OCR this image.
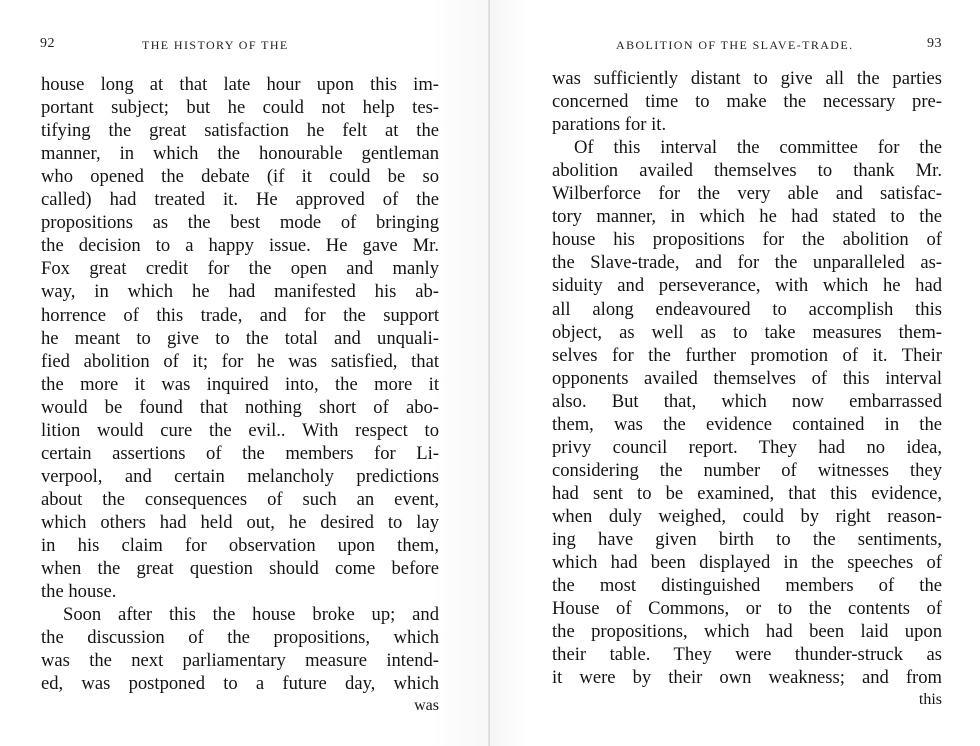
92	THE HISTORY OF THE
house long at that late hour upon this im-
portant subject; but he could not help tes-
tifying the great satisfaction he felt at the
manner, in which the honourable gentleman
who opened the debate (if it could be so
called) had treated it. He approved of the
propositions as the best mode of bringing
the decision to a happy issue. He gave Mr.
Fox great credit for the open and manly
way, in which he had manifested his ab-
horrence of this trade, and for the support
he meant to give to the total and unquali-
fied abolition of it; for he was satisfied, that
the more it was inquired into, the more it
would be found that nothing short of abo-
lition would cure the evil.. With respect to
certain assertions of the members for Li-
verpool, and certain melancholy predictions
about the consequences of such an event,
which others had held out, he desired to lay
in his claim for observation upon them,
when the great question should come before
the house.
Soon after this the house broke up; and
the discussion of the propositions, which
was the next parliamentary measure intend-
ed, was postponed to a future day, which
was
ABOLITION OF THE SLAVE-TRADE.	93
was sufficiently distant to give all the parties
concerned time to make the necessary pre-
parations for it.
Of this interval the committee for the
abolition availed themselves to thank Mr.
Wilberforce for the very able and satisfac-
tory manner, in which he had stated to the
house his propositions for the abolition of
the Slave-trade, and for the unparalleled as-
siduity and perseverance, with which he had
all along endeavoured to accomplish this
object, as well as to take measures them-
selves for the further promotion of it. Their
opponents availed themselves of this interval
also. But that, which now embarrassed
them, was the evidence contained in the
privy council report. They had no idea,
considering the number of witnesses they
had sent to be examined, that this evidence,
when duly weighed, could by right reason-
ing have given birth to the sentiments,
which had been displayed in the speeches of
the most distinguished members of the
House of Commons, or to the contents of
the propositions, which had been laid upon
their table. They were thunder-struck as
it were by their own weakness; and from
this
